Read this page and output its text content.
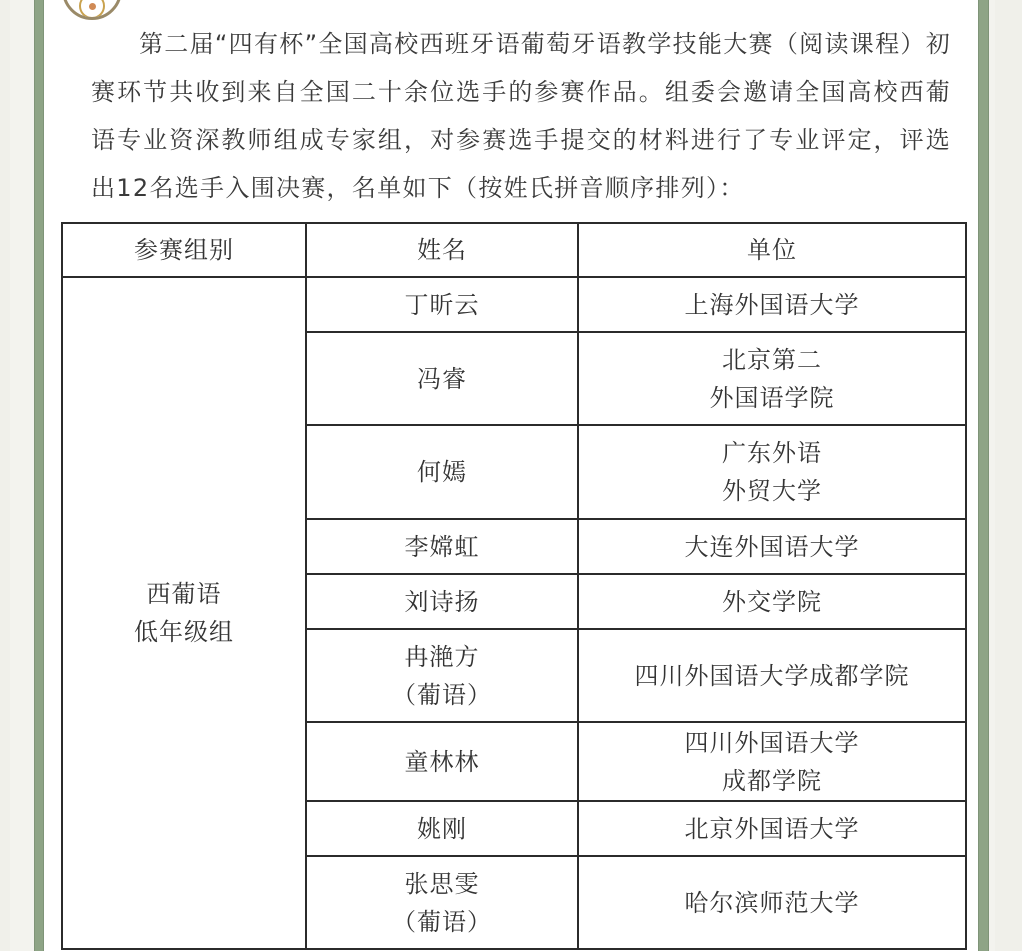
第二届“四有杯”全国高校西班牙语葡萄牙语教学技能大赛（阅读课程）初赛环节共收到来自全国二十余位选手的参赛作品。组委会邀请全国高校西葡语专业资深教师组成专家组，对参赛选手提交的材料进行了专业评定，评选出12名选手入围决赛，名单如下（按姓氏拼音顺序排列）：

参赛组别	姓名	单位

西葡语
低年级组	丁昕云	上海外国语大学

	冯睿	北京第二
外国语学院

	何嫣	广东外语
外贸大学

	李嫦虹	大连外国语大学

	刘诗扬	外交学院

	冉滟方
（葡语）	四川外国语大学成都学院

	童林林	四川外国语大学
成都学院

	姚刚	北京外国语大学

	张思雯
（葡语）	哈尔滨师范大学
